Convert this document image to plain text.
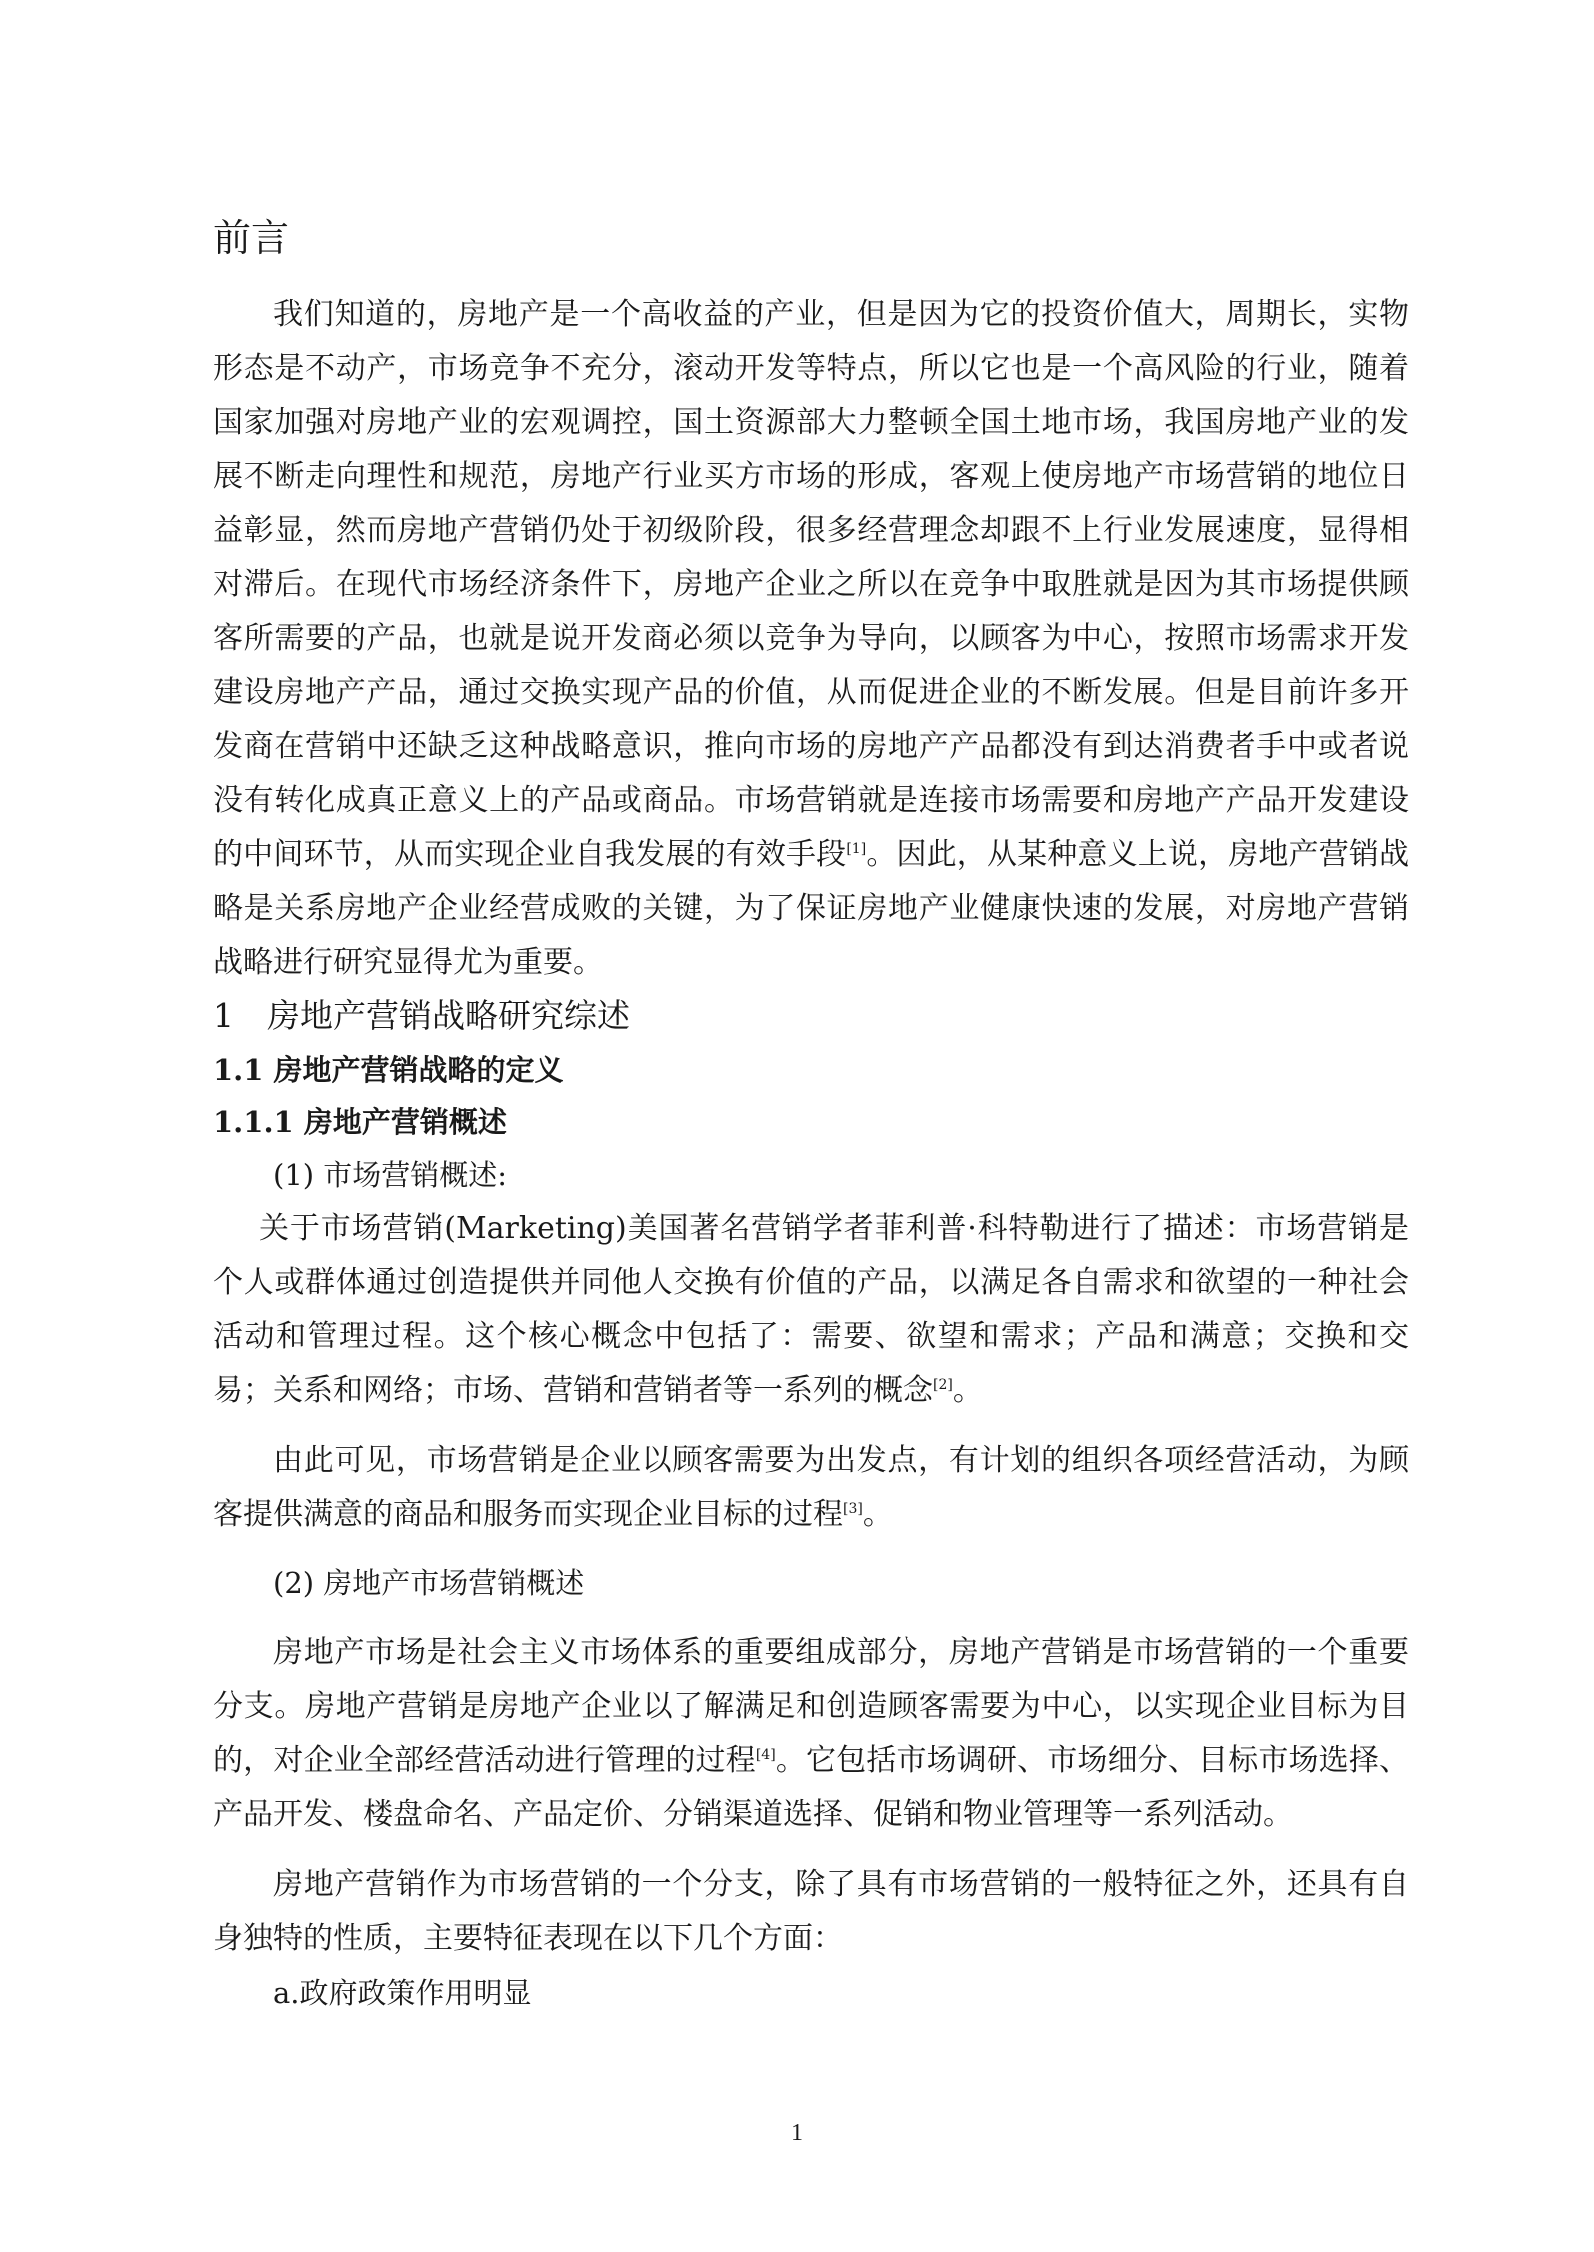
前言

我们知道的，房地产是一个高收益的产业，但是因为它的投资价值大，周期长，实物形态是不动产，市场竞争不充分，滚动开发等特点，所以它也是一个高风险的行业，随着国家加强对房地产业的宏观调控，国土资源部大力整顿全国土地市场，我国房地产业的发展不断走向理性和规范，房地产行业买方市场的形成，客观上使房地产市场营销的地位日益彰显，然而房地产营销仍处于初级阶段，很多经营理念却跟不上行业发展速度，显得相对滞后。在现代市场经济条件下，房地产企业之所以在竞争中取胜就是因为其市场提供顾客所需要的产品，也就是说开发商必须以竞争为导向，以顾客为中心，按照市场需求开发建设房地产产品，通过交换实现产品的价值，从而促进企业的不断发展。但是目前许多开发商在营销中还缺乏这种战略意识，推向市场的房地产产品都没有到达消费者手中或者说没有转化成真正意义上的产品或商品。市场营销就是连接市场需要和房地产产品开发建设的中间环节，从而实现企业自我发展的有效手段[1]。因此，从某种意义上说，房地产营销战略是关系房地产企业经营成败的关键，为了保证房地产业健康快速的发展，对房地产营销战略进行研究显得尤为重要。

1 房地产营销战略研究综述
1.1 房地产营销战略的定义
1.1.1 房地产营销概述

(1) 市场营销概述:

关于市场营销(Marketing)美国著名营销学者菲利普·科特勒进行了描述：市场营销是个人或群体通过创造提供并同他人交换有价值的产品，以满足各自需求和欲望的一种社会活动和管理过程。这个核心概念中包括了：需要、欲望和需求；产品和满意；交换和交易；关系和网络；市场、营销和营销者等一系列的概念[2]。

由此可见，市场营销是企业以顾客需要为出发点，有计划的组织各项经营活动，为顾客提供满意的商品和服务而实现企业目标的过程[3]。

(2) 房地产市场营销概述

房地产市场是社会主义市场体系的重要组成部分，房地产营销是市场营销的一个重要分支。房地产营销是房地产企业以了解满足和创造顾客需要为中心，以实现企业目标为目的，对企业全部经营活动进行管理的过程[4]。它包括市场调研、市场细分、目标市场选择、产品开发、楼盘命名、产品定价、分销渠道选择、促销和物业管理等一系列活动。

房地产营销作为市场营销的一个分支，除了具有市场营销的一般特征之外，还具有自身独特的性质，主要特征表现在以下几个方面：

a.政府政策作用明显

1
